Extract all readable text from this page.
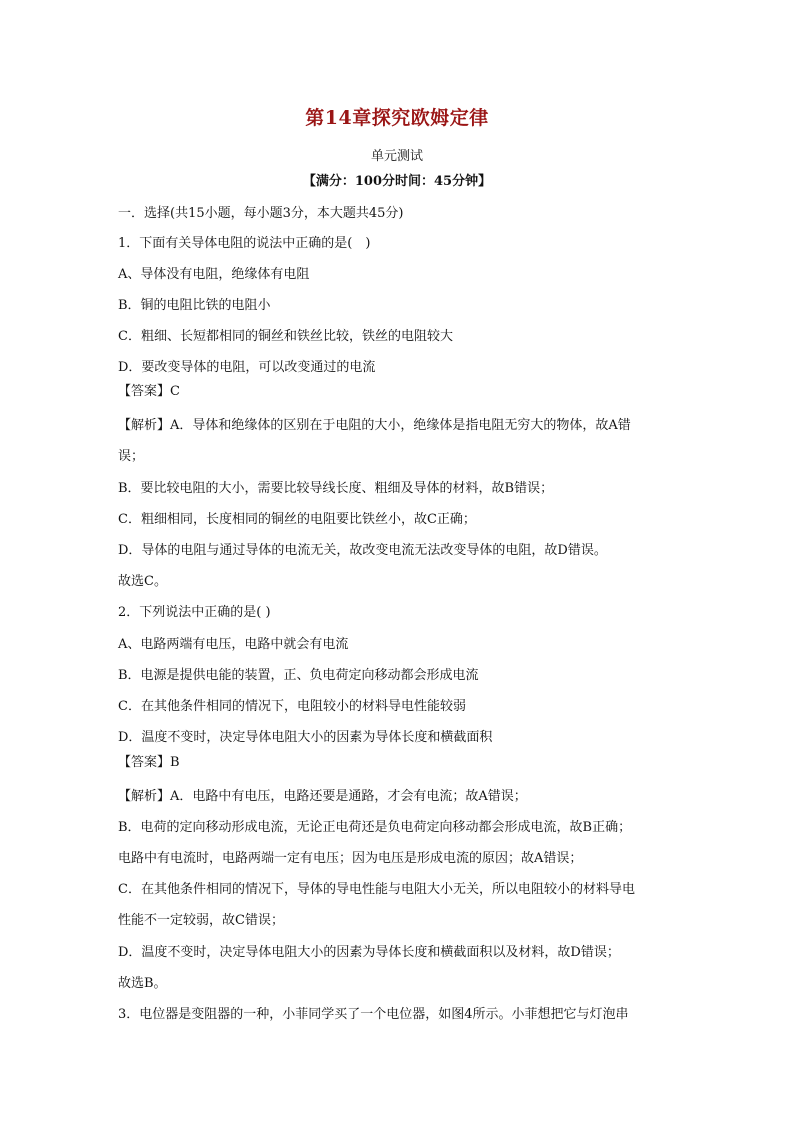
第14章探究欧姆定律
单元测试
【满分：100分时间：45分钟】
一．选择(共15小题，每小题3分，本大题共45分)
1．下面有关导体电阻的说法中正确的是(　)
A、导体没有电阻，绝缘体有电阻
B．铜的电阻比铁的电阻小
C．粗细、长短都相同的铜丝和铁丝比较，铁丝的电阻较大
D．要改变导体的电阻，可以改变通过的电流
【答案】C
【解析】A．导体和绝缘体的区别在于电阻的大小，绝缘体是指电阻无穷大的物体，故A错
误；
B．要比较电阻的大小，需要比较导线长度、粗细及导体的材料，故B错误；
C．粗细相同，长度相同的铜丝的电阻要比铁丝小，故C正确；
D．导体的电阻与通过导体的电流无关，故改变电流无法改变导体的电阻，故D错误。
故选C。
2．下列说法中正确的是( )
A、电路两端有电压，电路中就会有电流
B．电源是提供电能的装置，正、负电荷定向移动都会形成电流
C．在其他条件相同的情况下，电阻较小的材料导电性能较弱
D．温度不变时，决定导体电阻大小的因素为导体长度和横截面积
【答案】B
【解析】A．电路中有电压，电路还要是通路，才会有电流；故A错误；
B．电荷的定向移动形成电流，无论正电荷还是负电荷定向移动都会形成电流，故B正确；
电路中有电流时，电路两端一定有电压；因为电压是形成电流的原因；故A错误；
C．在其他条件相同的情况下，导体的导电性能与电阻大小无关，所以电阻较小的材料导电
性能不一定较弱，故C错误；
D．温度不变时，决定导体电阻大小的因素为导体长度和横截面积以及材料，故D错误；
故选B。
3．电位器是变阻器的一种，小菲同学买了一个电位器，如图4所示。小菲想把它与灯泡串
